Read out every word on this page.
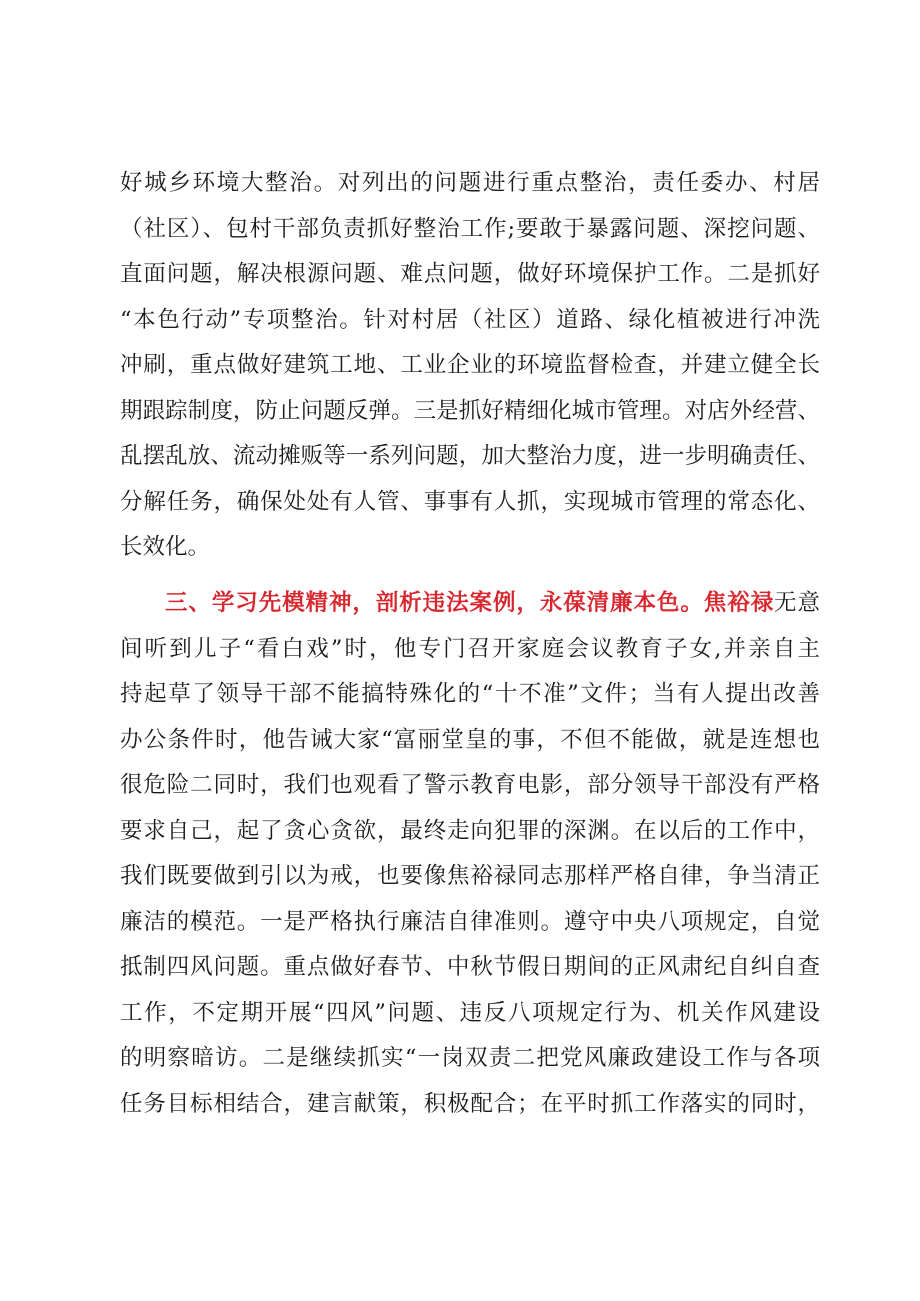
好城乡环境大整治。对列出的问题进行重点整治，责任委办、村居
（社区）、包村干部负责抓好整治工作;要敢于暴露问题、深挖问题、
直面问题，解决根源问题、难点问题，做好环境保护工作。二是抓好
“本色行动”专项整治。针对村居（社区）道路、绿化植被进行冲洗
冲刷，重点做好建筑工地、工业企业的环境监督检查，并建立健全长
期跟踪制度，防止问题反弹。三是抓好精细化城市管理。对店外经营、
乱摆乱放、流动摊贩等一系列问题，加大整治力度，进一步明确责任、
分解任务，确保处处有人管、事事有人抓，实现城市管理的常态化、
长效化。
三、学习先模精神，剖析违法案例，永葆清廉本色。焦裕禄无意
间听到儿子“看白戏”时，他专门召开家庭会议教育子女,并亲自主
持起草了领导干部不能搞特殊化的“十不准”文件；当有人提出改善
办公条件时，他告诫大家“富丽堂皇的事，不但不能做，就是连想也
很危险二同时，我们也观看了警示教育电影，部分领导干部没有严格
要求自己，起了贪心贪欲，最终走向犯罪的深渊。在以后的工作中，
我们既要做到引以为戒，也要像焦裕禄同志那样严格自律，争当清正
廉洁的模范。一是严格执行廉洁自律准则。遵守中央八项规定，自觉
抵制四风问题。重点做好春节、中秋节假日期间的正风肃纪自纠自查
工作，不定期开展“四风”问题、违反八项规定行为、机关作风建设
的明察暗访。二是继续抓实“一岗双责二把党风廉政建设工作与各项
任务目标相结合，建言献策，积极配合；在平时抓工作落实的同时，
